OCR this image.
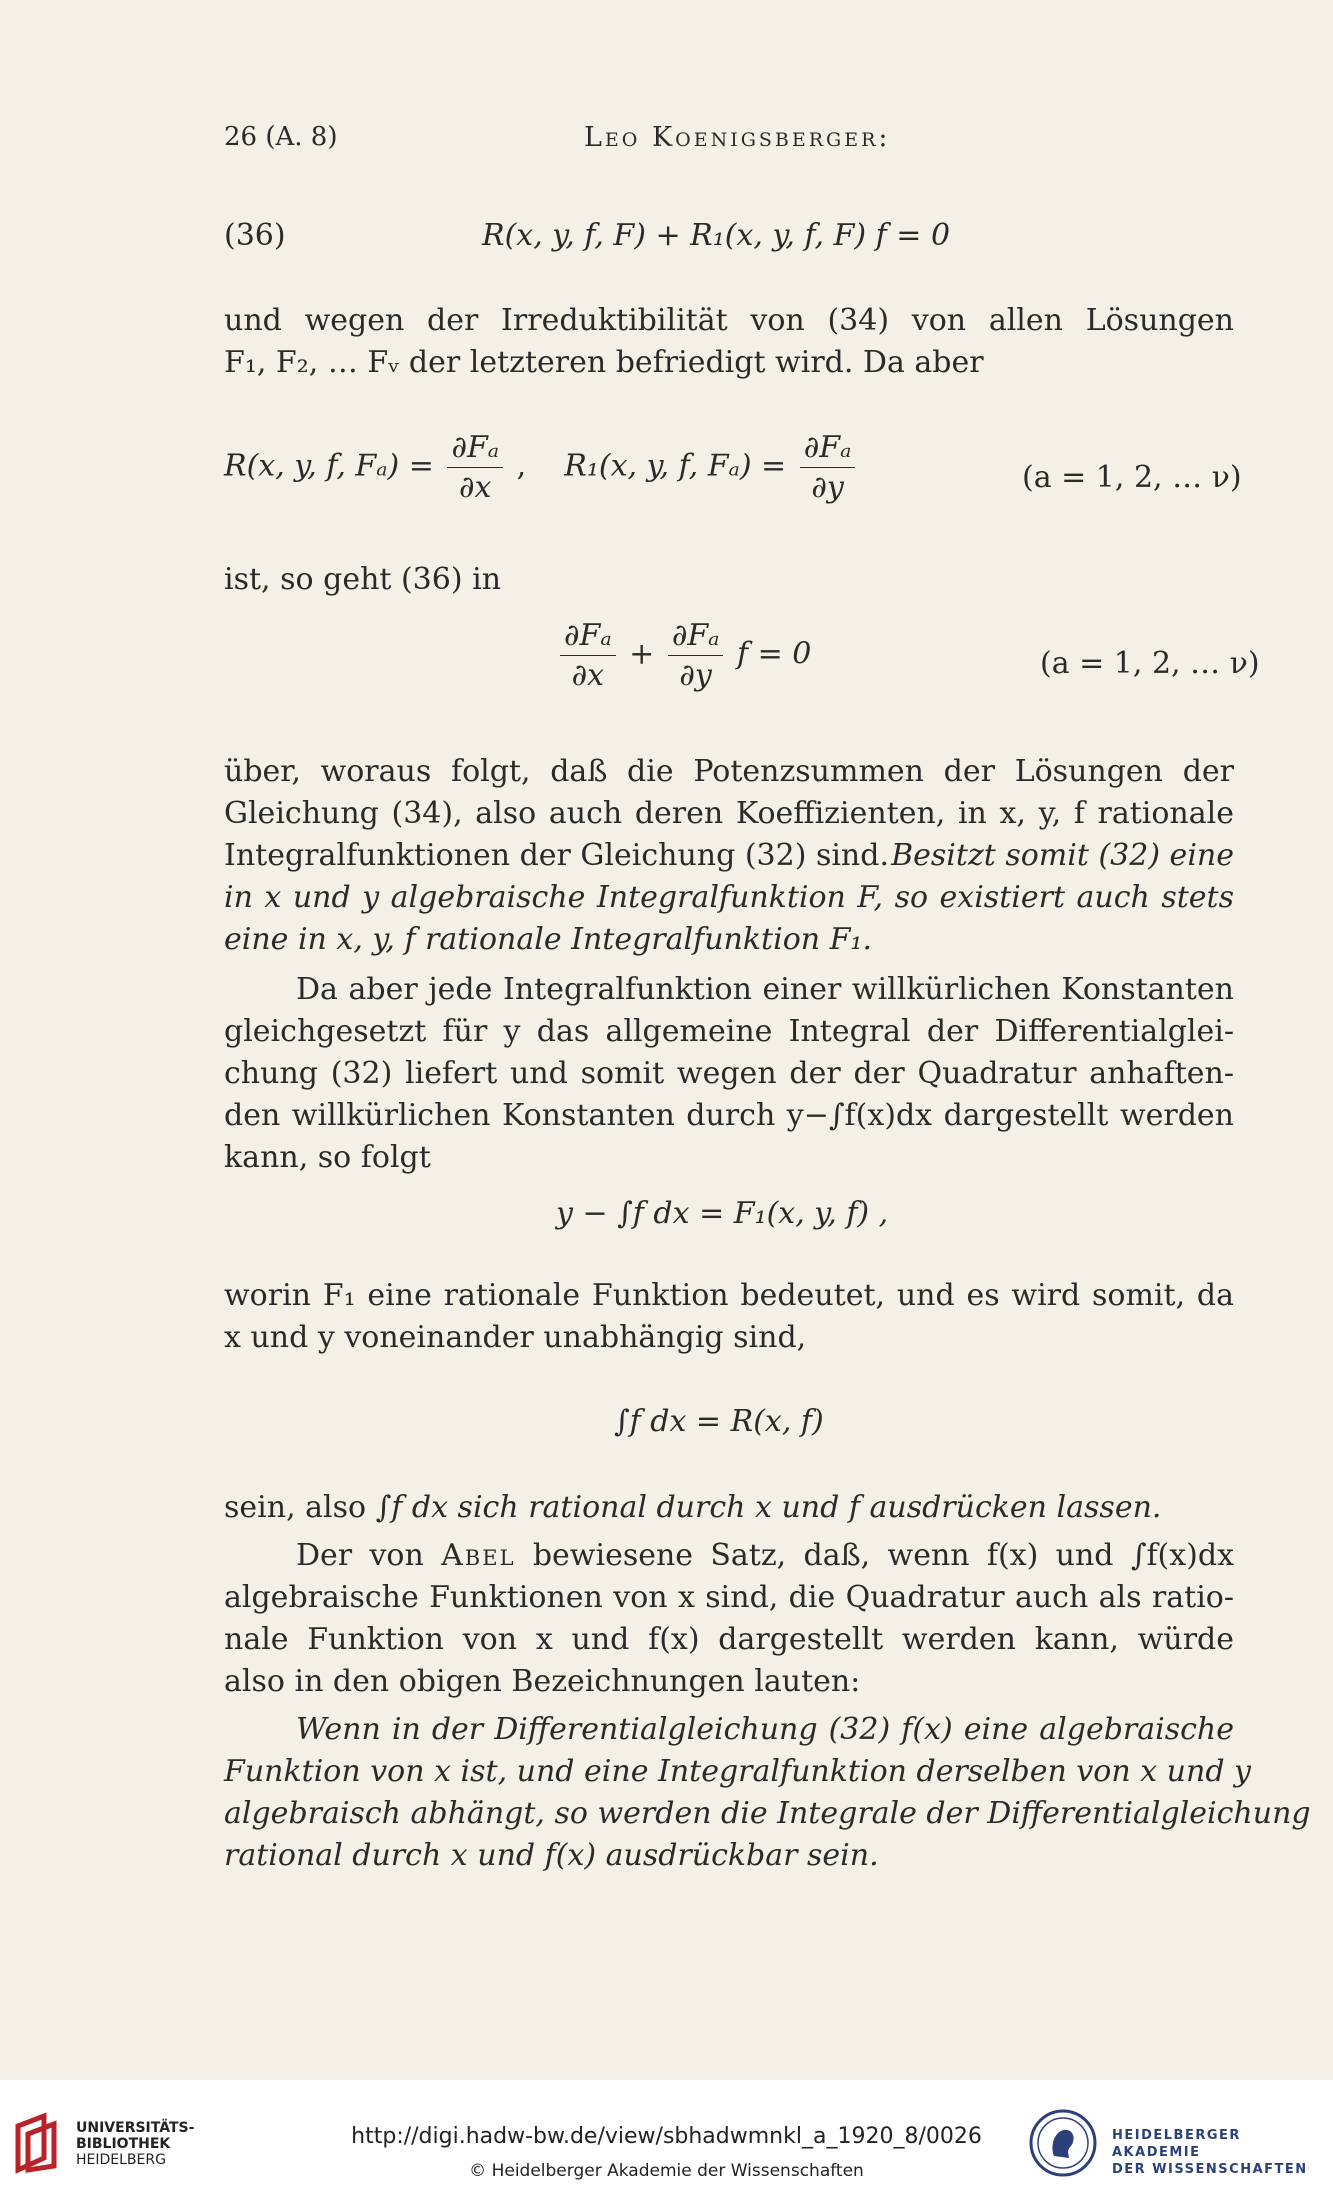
26 (A. 8)	Leo Koenigsberger:
(36)	R(x, y, f, F) + R₁(x, y, f, F) f = 0
und wegen der Irreduktibilität von (34) von allen Lösungen
F₁, F₂, … Fᵥ der letzteren befriedigt wird. Da aber
R(x, y, f, $F_a) = \frac{\text{∂Fₐ}}{\partial x}$ , R₁(x, y, f, $F_a) = \frac{\text{∂Fₐ}}{\partial y}$	(a = 1, 2, … ν)
ist, so geht (36) in
$\frac{\text{∂Fₐ}}{\partial x} + \frac{\text{∂Fₐ}}{\partial y}$ f = 0	(a = 1, 2, … ν)
über, woraus folgt, daß die Potenzsummen der Lösungen der
Gleichung (34), also auch deren Koeffizienten, in x, y, f rationale
Integralfunktionen der Gleichung (32) sind. Besitzt somit (32) eine
in x und y algebraische Integralfunktion F, so existiert auch stets
eine in x, y, f rationale Integralfunktion F₁.
Da aber jede Integralfunktion einer willkürlichen Konstanten
gleichgesetzt für y das allgemeine Integral der Differentialglei-
chung (32) liefert und somit wegen der der Quadratur anhaften-
den willkürlichen Konstanten durch y−∫f(x)dx dargestellt werden
kann, so folgt
y − ∫f dx = F₁(x, y, f) ,
worin F₁ eine rationale Funktion bedeutet, und es wird somit, da
x und y voneinander unabhängig sind,
∫f dx = R(x, f)
sein, also ∫f dx sich rational durch x und f ausdrücken lassen.
Der von Abel bewiesene Satz, daß, wenn f(x) und ∫f(x)dx
algebraische Funktionen von x sind, die Quadratur auch als ratio-
nale Funktion von x und f(x) dargestellt werden kann, würde
also in den obigen Bezeichnungen lauten:
Wenn in der Differentialgleichung (32) f(x) eine algebraische
Funktion von x ist, und eine Integralfunktion derselben von x und y
algebraisch abhängt, so werden die Integrale der Differentialgleichung
rational durch x und f(x) ausdrückbar sein.
UNIVERSITÄTS-
BIBLIOTHEK
HEIDELBERG
http://digi.hadw-bw.de/view/sbhadwmnkl_a_1920_8/0026
© Heidelberger Akademie der Wissenschaften
HEIDELBERGER AKADEMIE
DER WISSENSCHAFTEN
